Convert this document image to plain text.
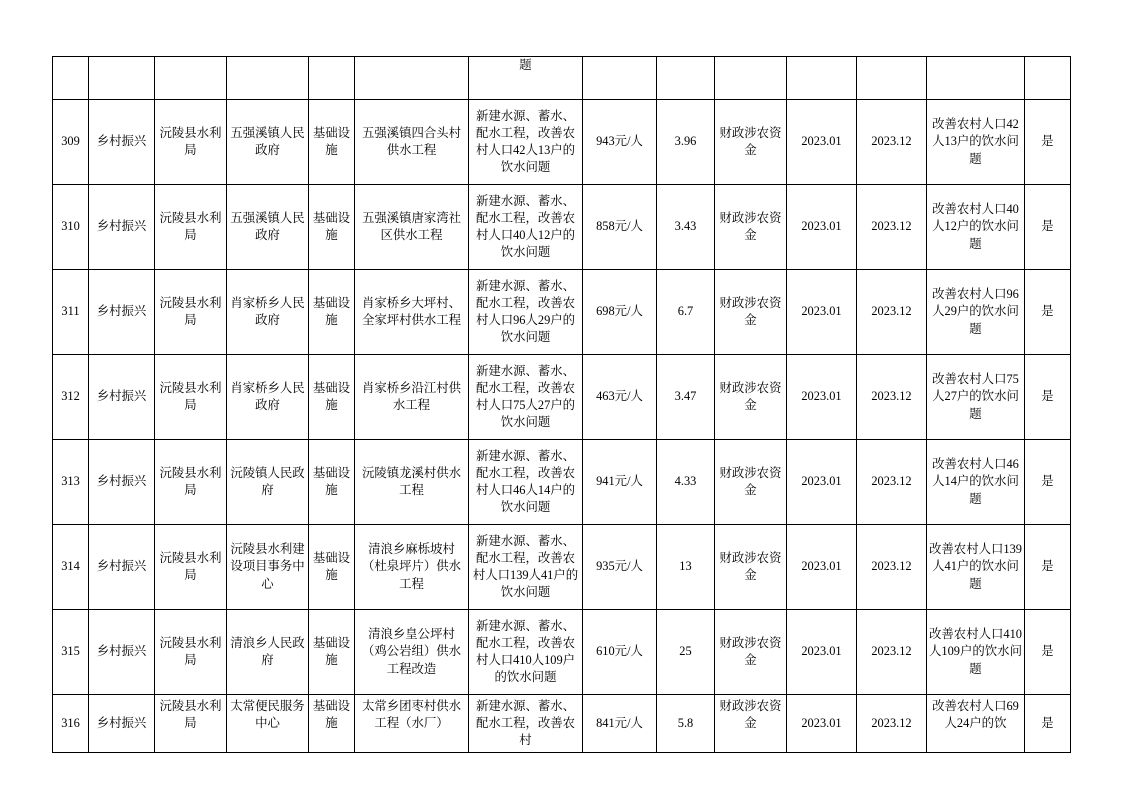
						题							
309	乡村振兴	沅陵县水利局	五强溪镇人民政府	基础设施	五强溪镇四合头村供水工程	新建水源、蓄水、配水工程，改善农村人口42人13户的饮水问题	943元/人	3.96	财政涉农资金	2023.01	2023.12	改善农村人口42人13户的饮水问题	是
310	乡村振兴	沅陵县水利局	五强溪镇人民政府	基础设施	五强溪镇唐家湾社区供水工程	新建水源、蓄水、配水工程，改善农村人口40人12户的饮水问题	858元/人	3.43	财政涉农资金	2023.01	2023.12	改善农村人口40人12户的饮水问题	是
311	乡村振兴	沅陵县水利局	肖家桥乡人民政府	基础设施	肖家桥乡大坪村、全家坪村供水工程	新建水源、蓄水、配水工程，改善农村人口96人29户的饮水问题	698元/人	6.7	财政涉农资金	2023.01	2023.12	改善农村人口96人29户的饮水问题	是
312	乡村振兴	沅陵县水利局	肖家桥乡人民政府	基础设施	肖家桥乡沿江村供水工程	新建水源、蓄水、配水工程，改善农村人口75人27户的饮水问题	463元/人	3.47	财政涉农资金	2023.01	2023.12	改善农村人口75人27户的饮水问题	是
313	乡村振兴	沅陵县水利局	沅陵镇人民政府	基础设施	沅陵镇龙溪村供水工程	新建水源、蓄水、配水工程，改善农村人口46人14户的饮水问题	941元/人	4.33	财政涉农资金	2023.01	2023.12	改善农村人口46人14户的饮水问题	是
314	乡村振兴	沅陵县水利局	沅陵县水利建设项目事务中心	基础设施	清浪乡麻栎坡村（杜泉坪片）供水工程	新建水源、蓄水、配水工程，改善农村人口139人41户的饮水问题	935元/人	13	财政涉农资金	2023.01	2023.12	改善农村人口139人41户的饮水问题	是
315	乡村振兴	沅陵县水利局	清浪乡人民政府	基础设施	清浪乡皇公坪村（鸡公岩组）供水工程改造	新建水源、蓄水、配水工程，改善农村人口410人109户的饮水问题	610元/人	25	财政涉农资金	2023.01	2023.12	改善农村人口410人109户的饮水问题	是
316	乡村振兴	沅陵县水利局	太常便民服务中心	基础设施	太常乡团枣村供水工程（水厂）	新建水源、蓄水、配水工程，改善农村	841元/人	5.8	财政涉农资金	2023.01	2023.12	改善农村人口69人24户的饮	是
